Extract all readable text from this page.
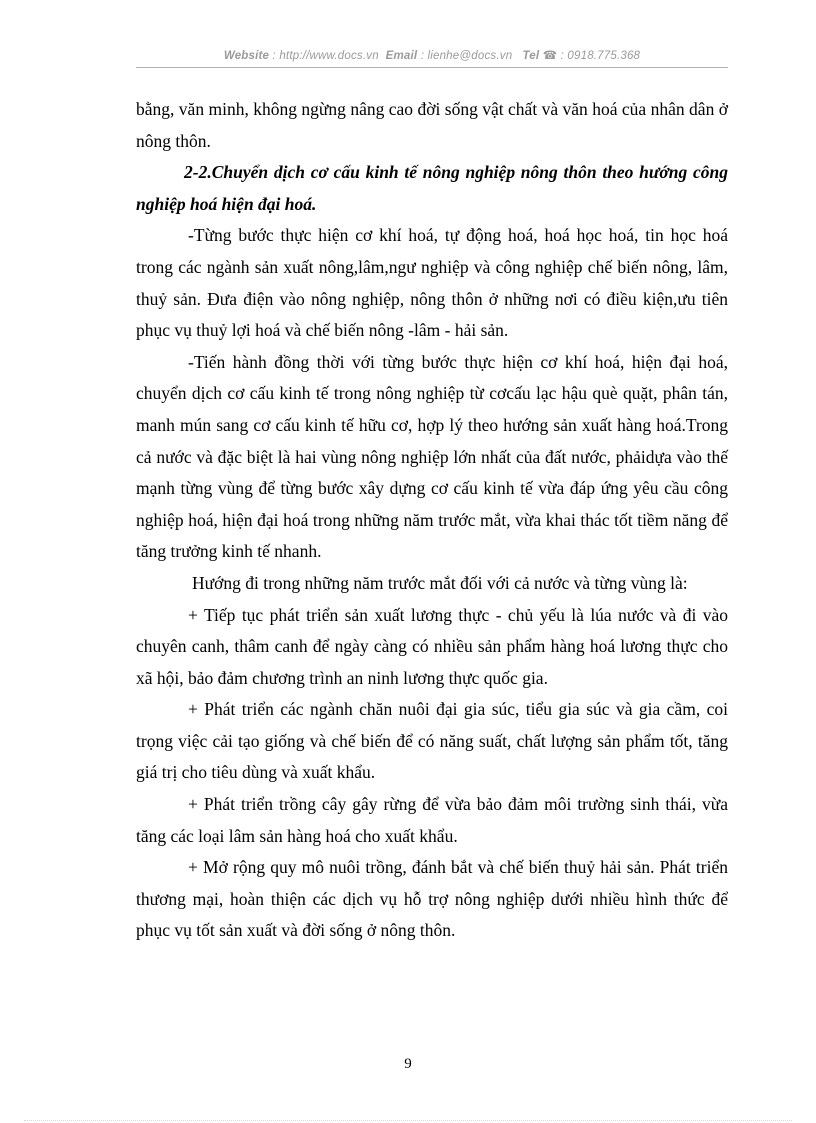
Website : http://www.docs.vn Email : lienhe@docs.vn Tel ☎ : 0918.775.368

bằng, văn minh, không ngừng nâng cao đời sống vật chất và văn hoá của nhân dân ở nông thôn.

2-2.Chuyển dịch cơ cấu kinh tế nông nghiệp nông thôn theo hướng công nghiệp hoá hiện đại hoá.

-Từng bước thực hiện cơ khí hoá, tự động hoá, hoá học hoá, tin học hoá trong các ngành sản xuất nông,lâm,ngư nghiệp và công nghiệp chế biến nông, lâm, thuỷ sản. Đưa điện vào nông nghiệp, nông thôn ở những nơi có điều kiện,ưu tiên phục vụ thuỷ lợi hoá và chế biến nông -lâm - hải sản.

-Tiến hành đồng thời với từng bước thực hiện cơ khí hoá, hiện đại hoá, chuyển dịch cơ cấu kinh tế trong nông nghiệp từ cơcấu lạc hậu què quặt, phân tán, manh mún sang cơ cấu kinh tế hữu cơ, hợp lý theo hướng sản xuất hàng hoá.Trong cả nước và đặc biệt là hai vùng nông nghiệp lớn nhất của đất nước, phảidựa vào thế mạnh từng vùng để từng bước xây dựng cơ cấu kinh tế vừa đáp ứng yêu cầu công nghiệp hoá, hiện đại hoá trong những năm trước mắt, vừa khai thác tốt tiềm năng để tăng trưởng kinh tế nhanh.

Hướng đi trong những năm trước mắt đối với cả nước và từng vùng là:

+ Tiếp tục phát triển sản xuất lương thực - chủ yếu là lúa nước và đi vào chuyên canh, thâm canh để ngày càng có nhiều sản phẩm hàng hoá lương thực cho xã hội, bảo đảm chương trình an ninh lương thực quốc gia.

+ Phát triển các ngành chăn nuôi đại gia súc, tiểu gia súc và gia cầm, coi trọng việc cải tạo giống và chế biến để có năng suất, chất lượng sản phẩm tốt, tăng giá trị cho tiêu dùng và xuất khẩu.

+ Phát triển trồng cây gây rừng để vừa bảo đảm môi trường sinh thái, vừa tăng các loại lâm sản hàng hoá cho xuất khẩu.

+ Mở rộng quy mô nuôi trồng, đánh bắt và chế biến thuỷ hải sản. Phát triển thương mại, hoàn thiện các dịch vụ hỗ trợ nông nghiệp dưới nhiều hình thức để phục vụ tốt sản xuất và đời sống ở nông thôn.

9
